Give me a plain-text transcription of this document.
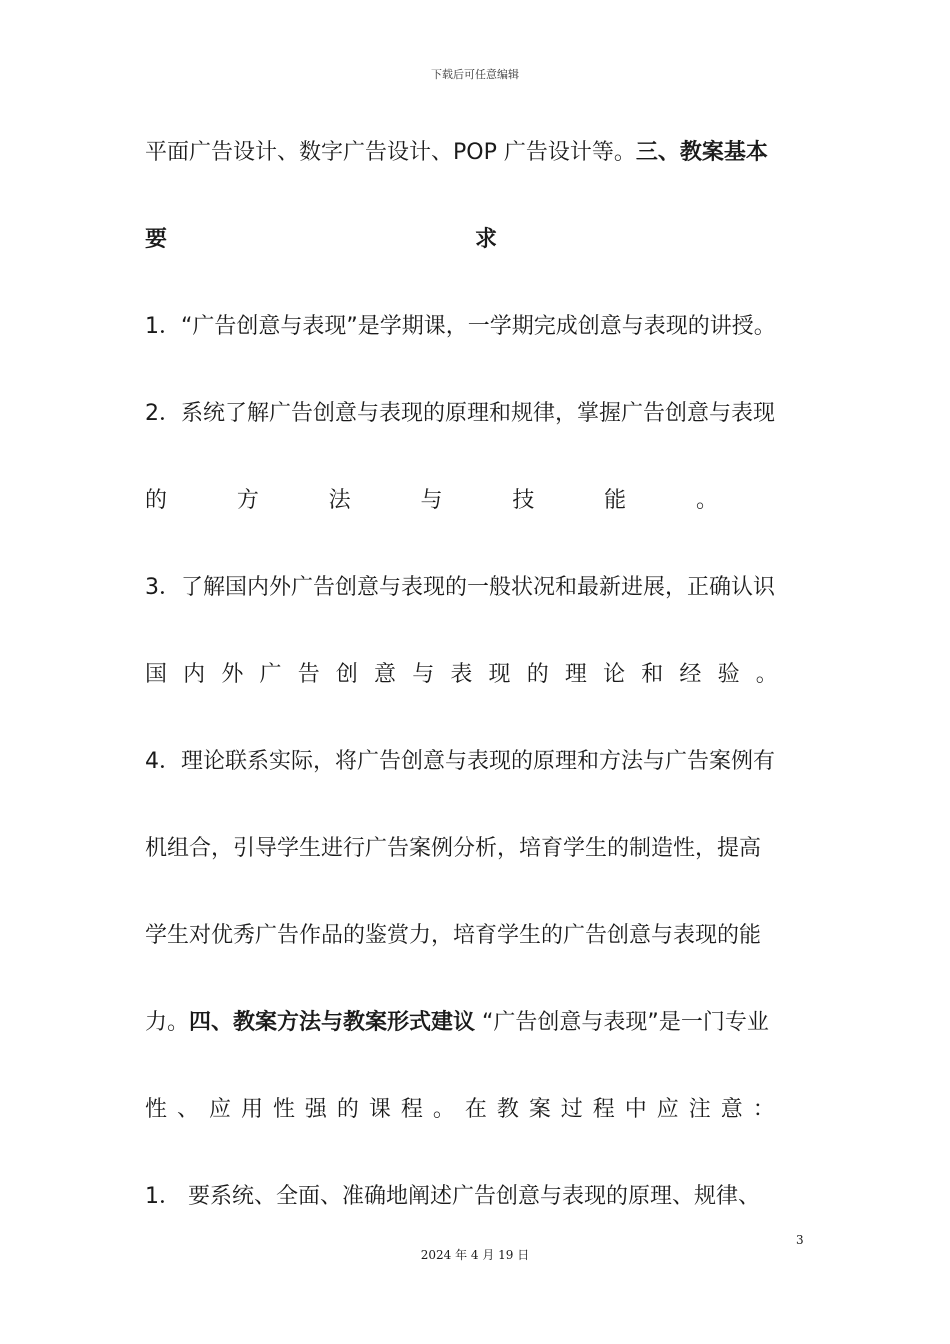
下载后可任意编辑
平面广告设计、数字广告设计、POP 广告设计等。三、教案基本
要	求
1．“广告创意与表现”是学期课，一学期完成创意与表现的讲授。
2．系统了解广告创意与表现的原理和规律，掌握广告创意与表现
的	方	法	与	技	能	。
3．了解国内外广告创意与表现的一般状况和最新进展，正确认识
国 内 外 广 告 创 意 与 表 现 的 理 论 和 经 验 。
4．理论联系实际，将广告创意与表现的原理和方法与广告案例有
机组合，引导学生进行广告案例分析，培育学生的制造性，提高
学生对优秀广告作品的鉴赏力，培育学生的广告创意与表现的能
力。四、教案方法与教案形式建议 “广告创意与表现”是一门专业
性 、 应 用 性 强 的 课 程 。 在 教 案 过 程 中 应 注 意 ：
1． 要系统、全面、准确地阐述广告创意与表现的原理、规律、
3
2024 年 4 月 19 日
